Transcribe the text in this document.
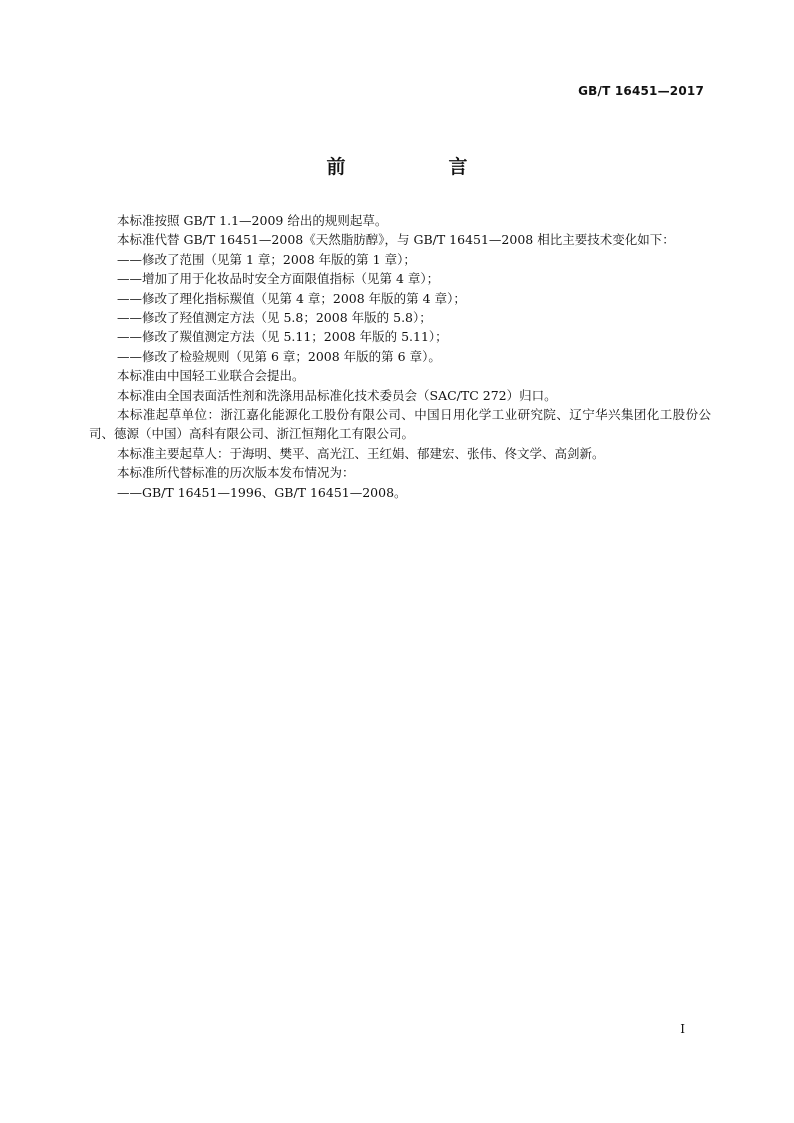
GB/T 16451—2017
前　言

本标准按照 GB/T 1.1—2009 给出的规则起草。

本标准代替 GB/T 16451—2008《天然脂肪醇》，与 GB/T 16451—2008 相比主要技术变化如下：

——修改了范围（见第 1 章；2008 年版的第 1 章）；

——增加了用于化妆品时安全方面限值指标（见第 4 章）；

——修改了理化指标羰值（见第 4 章；2008 年版的第 4 章）；

——修改了羟值测定方法（见 5.8；2008 年版的 5.8）；

——修改了羰值测定方法（见 5.11；2008 年版的 5.11）；

——修改了检验规则（见第 6 章；2008 年版的第 6 章）。

本标准由中国轻工业联合会提出。

本标准由全国表面活性剂和洗涤用品标准化技术委员会（SAC/TC 272）归口。

本标准起草单位：浙江嘉化能源化工股份有限公司、中国日用化学工业研究院、辽宁华兴集团化工股份公司、德源（中国）高科有限公司、浙江恒翔化工有限公司。

本标准主要起草人：于海明、樊平、高光江、王红娟、郁建宏、张伟、佟文学、高剑新。

本标准所代替标准的历次版本发布情况为：

——GB/T 16451—1996、GB/T 16451—2008。

I
